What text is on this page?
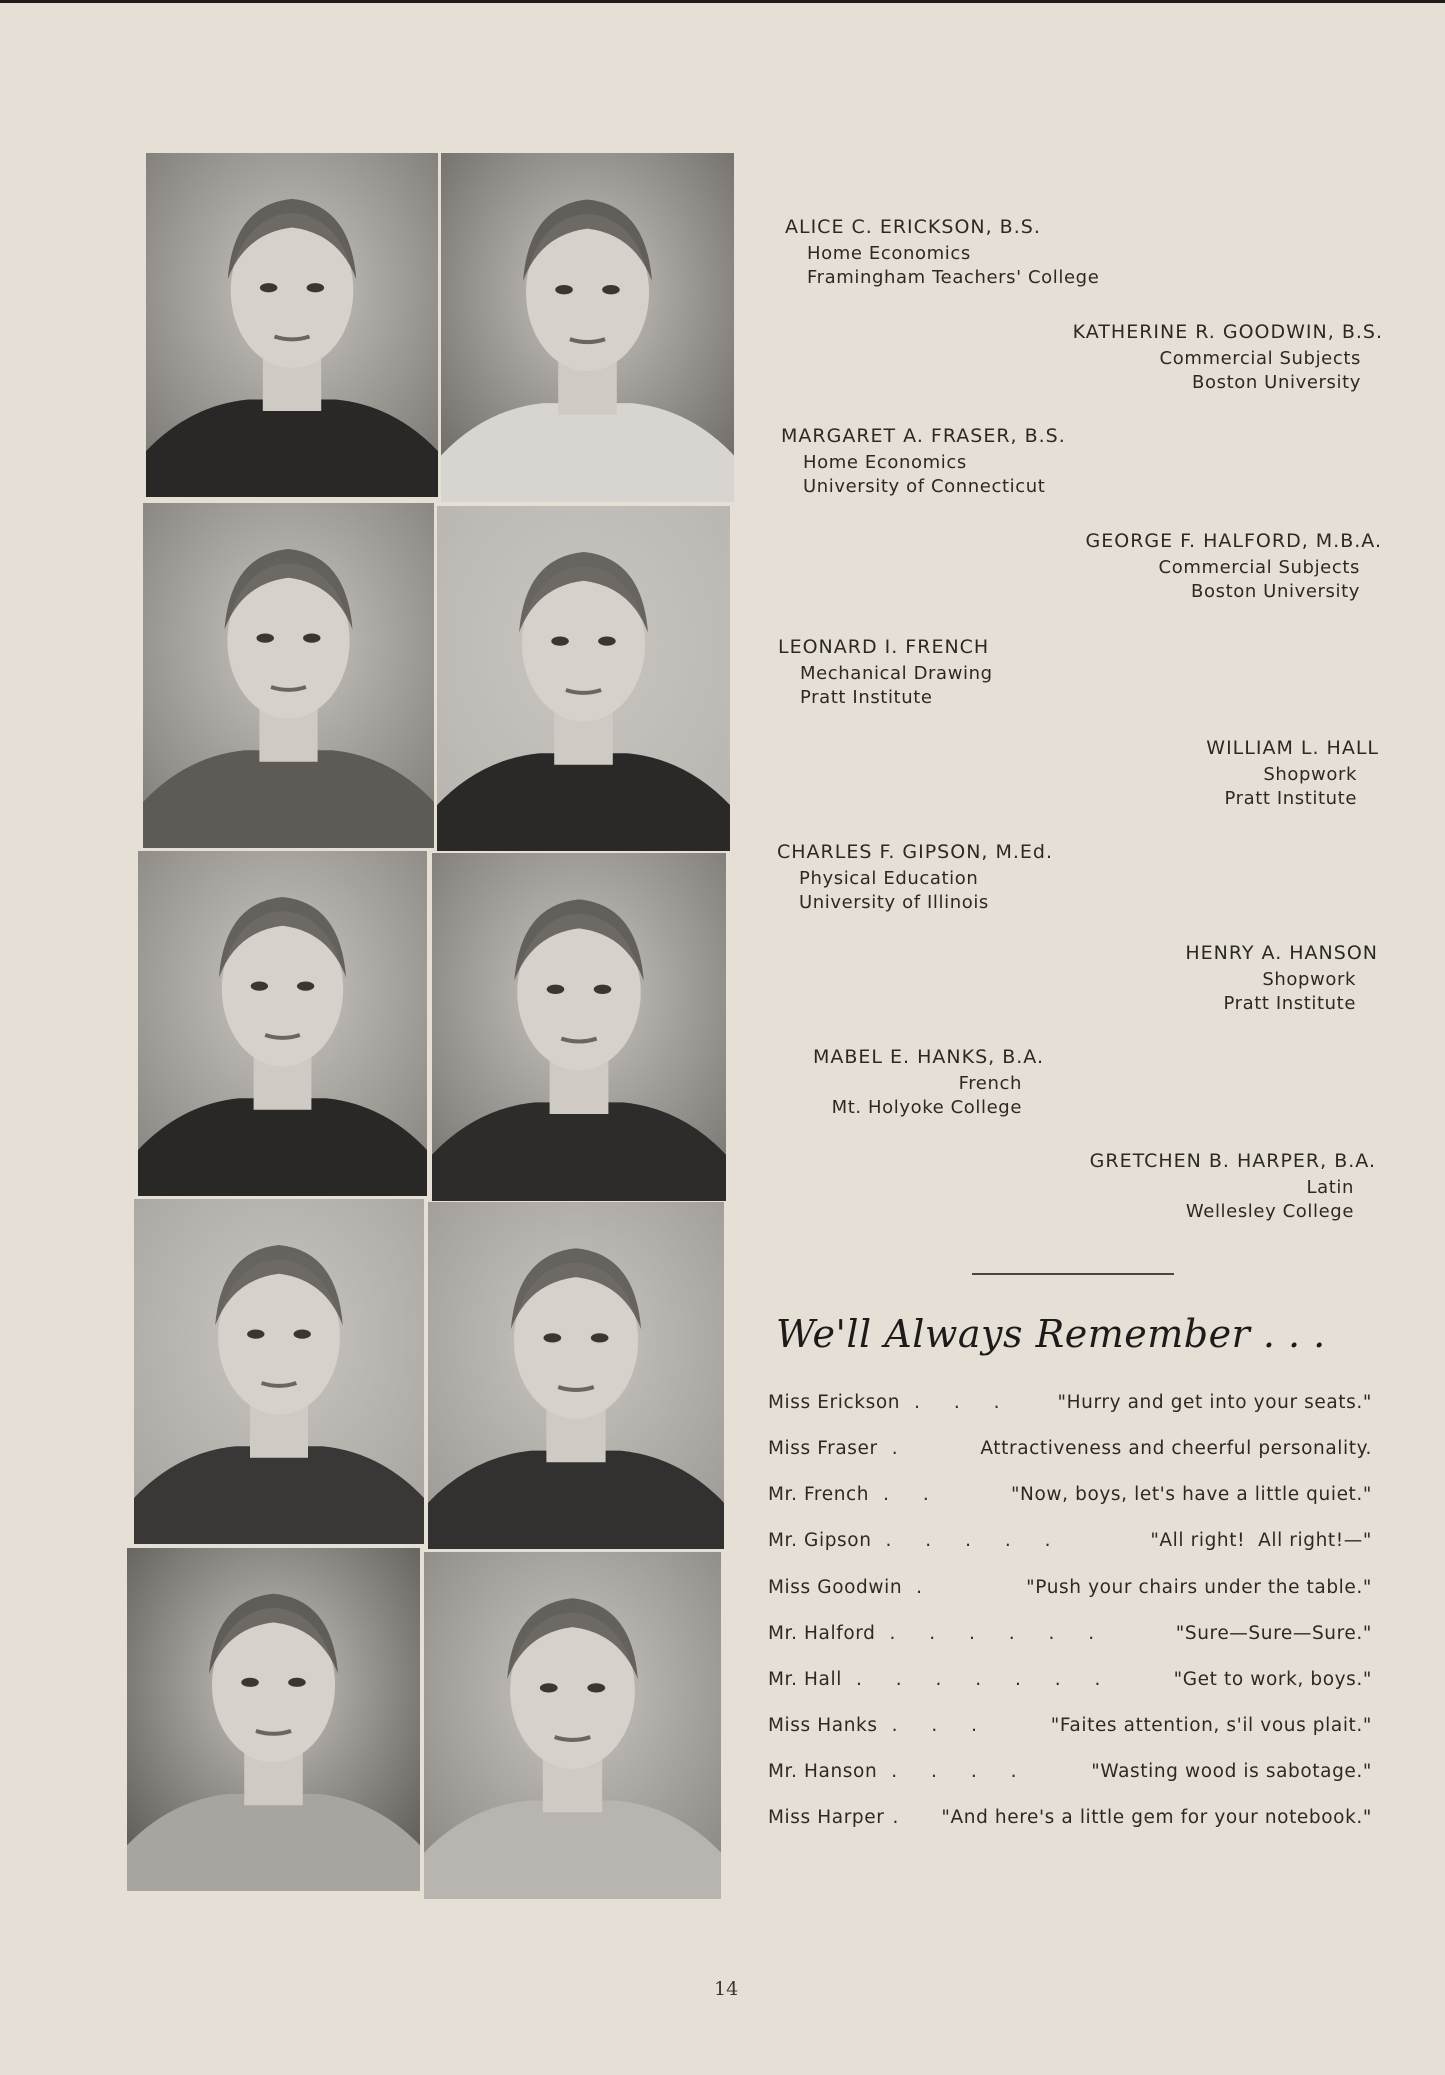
ALICE C. ERICKSON, B.S.
Home Economics
Framingham Teachers' College
KATHERINE R. GOODWIN, B.S.
Commercial Subjects
Boston University
MARGARET A. FRASER, B.S.
Home Economics
University of Connecticut
GEORGE F. HALFORD, M.B.A.
Commercial Subjects
Boston University
LEONARD I. FRENCH
Mechanical Drawing
Pratt Institute
WILLIAM L. HALL
Shopwork
Pratt Institute
CHARLES F. GIPSON, M.Ed.
Physical Education
University of Illinois
HENRY A. HANSON
Shopwork
Pratt Institute
MABEL E. HANKS, B.A.
French
Mt. Holyoke College
GRETCHEN B. HARPER, B.A.
Latin
Wellesley College
We'll Always Remember . . .
Miss Erickson . . .	"Hurry and get into your seats."
Miss Fraser .	Attractiveness and cheerful personality.
Mr. French . .	"Now, boys, let's have a little quiet."
Mr. Gipson . . . . .	"All right!  All right!—"
Miss Goodwin .	"Push your chairs under the table."
Mr. Halford . . . . . .	"Sure—Sure—Sure."
Mr. Hall . . . . . . .	"Get to work, boys."
Miss Hanks . . .	"Faites attention, s'il vous plait."
Mr. Hanson . . . .	"Wasting wood is sabotage."
Miss Harper .	"And here's a little gem for your notebook."
14
